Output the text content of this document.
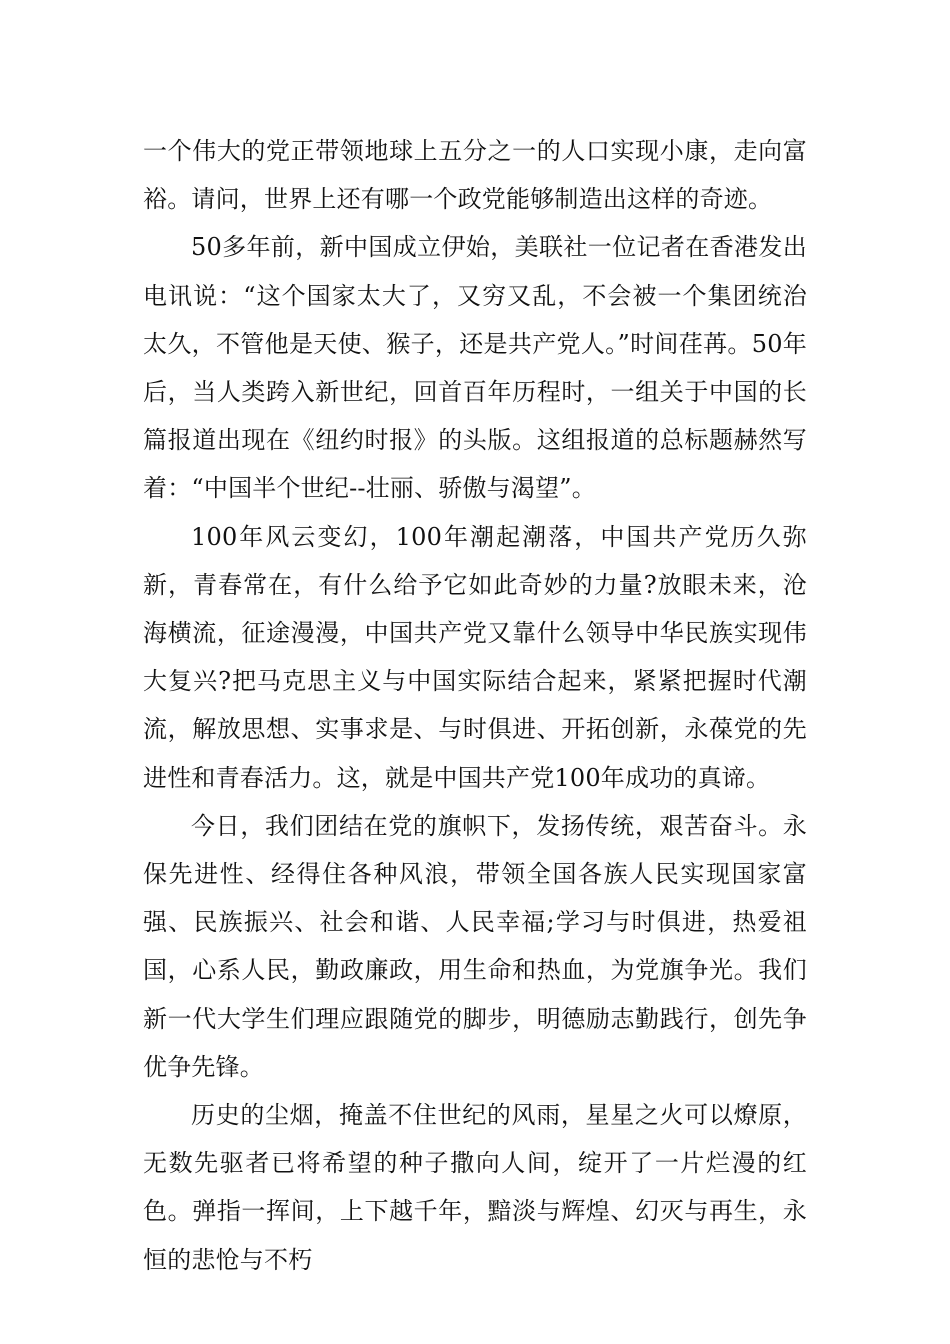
一个伟大的党正带领地球上五分之一的人口实现小康，走向富裕。请问，世界上还有哪一个政党能够制造出这样的奇迹。

50多年前，新中国成立伊始，美联社一位记者在香港发出电讯说：“这个国家太大了，又穷又乱，不会被一个集团统治太久，不管他是天使、猴子，还是共产党人。”时间荏苒。50年后，当人类跨入新世纪，回首百年历程时，一组关于中国的长篇报道出现在《纽约时报》的头版。这组报道的总标题赫然写着：“中国半个世纪--壮丽、骄傲与渴望”。

100年风云变幻，100年潮起潮落，中国共产党历久弥新，青春常在，有什么给予它如此奇妙的力量?放眼未来，沧海横流，征途漫漫，中国共产党又靠什么领导中华民族实现伟大复兴?把马克思主义与中国实际结合起来，紧紧把握时代潮流，解放思想、实事求是、与时俱进、开拓创新，永葆党的先进性和青春活力。这，就是中国共产党100年成功的真谛。

今日，我们团结在党的旗帜下，发扬传统，艰苦奋斗。永保先进性、经得住各种风浪，带领全国各族人民实现国家富强、民族振兴、社会和谐、人民幸福;学习与时俱进，热爱祖国，心系人民，勤政廉政，用生命和热血，为党旗争光。我们新一代大学生们理应跟随党的脚步，明德励志勤践行，创先争优争先锋。

历史的尘烟，掩盖不住世纪的风雨，星星之火可以燎原，无数先驱者已将希望的种子撒向人间，绽开了一片烂漫的红色。弹指一挥间，上下越千年，黯淡与辉煌、幻灭与再生，永恒的悲怆与不朽
